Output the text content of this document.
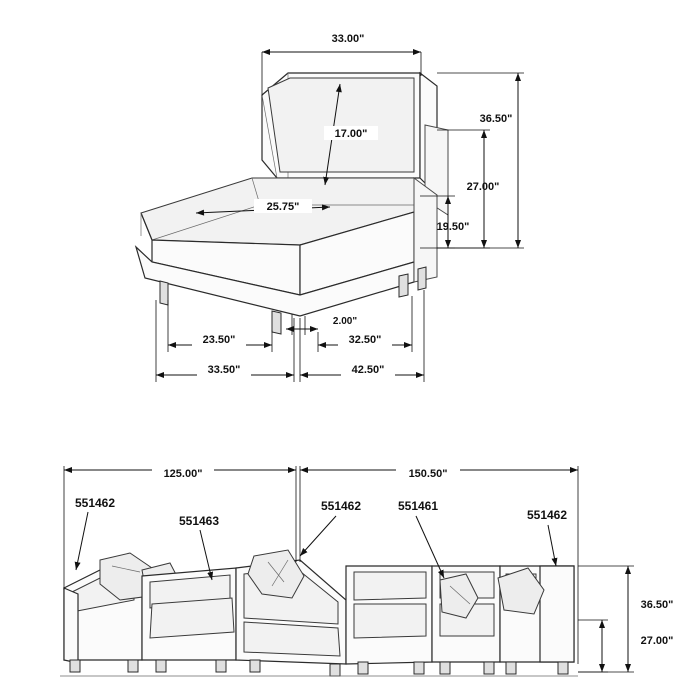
33.00"
17.00"
25.75"
36.50"
27.00"
19.50"
2.00"
23.50"	32.50"
33.50"	42.50"
125.00"	150.50"
36.50"
27.00"
551462
551463
551462	551461
551462
